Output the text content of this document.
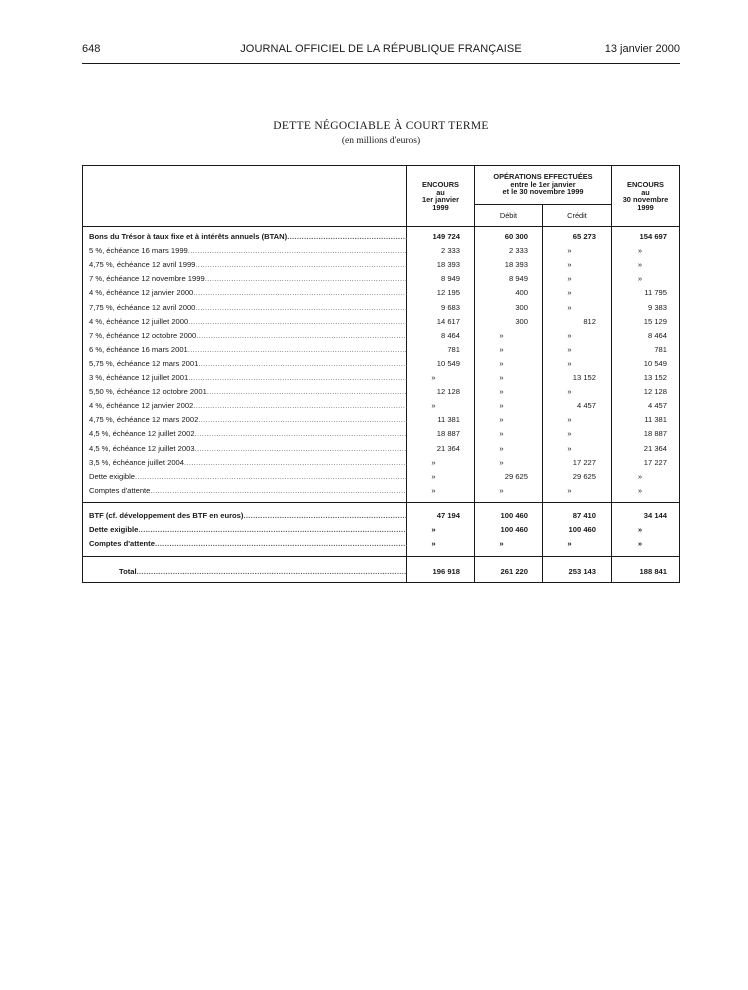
648	JOURNAL OFFICIEL DE LA RÉPUBLIQUE FRANÇAISE	13 janvier 2000
DETTE NÉGOCIABLE À COURT TERME
(en millions d'euros)
ENCOURS
au
1er janvier
1999
OPÉRATIONS EFFECTUÉES
entre le 1er janvier
et le 30 novembre 1999
ENCOURS
au
30 novembre
1999
Débit	Crédit
Bons du Trésor à taux fixe et à intérêts annuels (BTAN) .....	149 724	60 300	65 273	154 697
5 %, échéance 16 mars 1999 .....	2 333	2 333	»	»
4,75 %, échéance 12 avril 1999 .....	18 393	18 393	»	»
7 %, échéance 12 novembre 1999 .....	8 949	8 949	»	»
4 %, échéance 12 janvier 2000 .....	12 195	400	»	11 795
7,75 %, échéance 12 avril 2000 .....	9 683	300	»	9 383
4 %, échéance 12 juillet 2000 .....	14 617	300	812	15 129
7 %, échéance 12 octobre 2000 .....	8 464	»	»	8 464
6 %, échéance 16 mars 2001 .....	781	»	»	781
5,75 %, échéance 12 mars 2001 .....	10 549	»	»	10 549
3 %, échéance 12 juillet 2001 .....	»	»	13 152	13 152
5,50 %, échéance 12 octobre 2001 .....	12 128	»	»	12 128
4 %, échéance 12 janvier 2002 .....	»	»	4 457	4 457
4,75 %, échéance 12 mars 2002 .....	11 381	»	»	11 381
4,5 %, échéance 12 juillet 2002 .....	18 887	»	»	18 887
4,5 %, échéance 12 juillet 2003 .....	21 364	»	»	21 364
3,5 %, échéance juillet 2004 .....	»	»	17 227	17 227
Dette exigible .....	»	29 625	29 625	»
Comptes d'attente .....	»	»	»	»
BTF (cf. développement des BTF en euros) .....	47 194	100 460	87 410	34 144
Dette exigible .....	»	100 460	100 460	»
Comptes d'attente .....	»	»	»	»
Total .....	196 918	261 220	253 143	188 841
